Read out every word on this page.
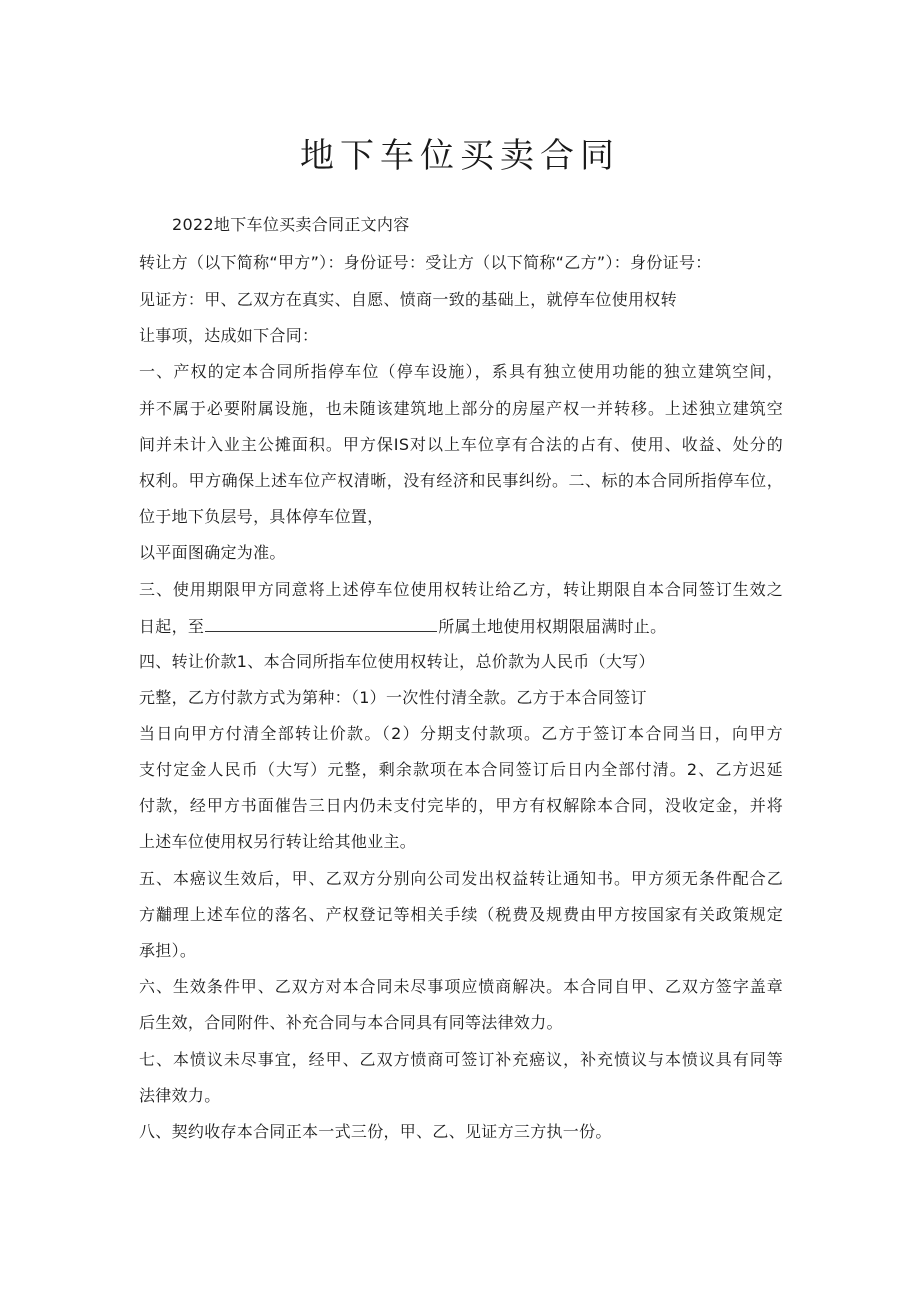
地下车位买卖合同
2022地下车位买卖合同正文内容
转让方（以下简称“甲方”）：身份证号：受让方（以下简称“乙方”）：身份证号：
见证方：甲、乙双方在真实、自愿、愤商一致的基础上，就停车位使用权转
让事项，达成如下合同：
一、产权的定本合同所指停车位（停车设施），系具有独立使用功能的独立建筑空间，
并不属于必要附属设施，也未随该建筑地上部分的房屋产权一并转移。上述独立建筑空
间并未计入业主公摊面积。甲方保IS对以上车位享有合法的占有、使用、收益、处分的
权利。甲方确保上述车位产权清晰，没有经济和民事纠纷。二、标的本合同所指停车位，
位于地下负层号，具体停车位置，
以平面图确定为准。
三、使用期限甲方同意将上述停车位使用权转让给乙方，转让期限自本合同签订生效之
日起，至	所属土地使用权期限届满时止。
四、转让价款1、本合同所指车位使用权转让，总价款为人民币（大写）
元整，乙方付款方式为第种：（1）一次性付清全款。乙方于本合同签订
当日向甲方付清全部转让价款。（2）分期支付款项。乙方于签订本合同当日，向甲方
支付定金人民币（大写）元整，剩余款项在本合同签订后日内全部付清。2、乙方迟延
付款，经甲方书面催告三日内仍未支付完毕的，甲方有权解除本合同，没收定金，并将
上述车位使用权另行转让给其他业主。
五、本癌议生效后，甲、乙双方分别向公司发出权益转让通知书。甲方须无条件配合乙
方黼理上述车位的落名、产权登记等相关手续（税费及规费由甲方按国家有关政策规定
承担）。
六、生效条件甲、乙双方对本合同未尽事项应愤商解决。本合同自甲、乙双方签字盖章
后生效，合同附件、补充合同与本合同具有同等法律效力。
七、本愤议未尽事宜，经甲、乙双方愤商可签订补充癌议，补充愤议与本愤议具有同等
法律效力。
八、契约收存本合同正本一式三份，甲、乙、见证方三方执一份。
